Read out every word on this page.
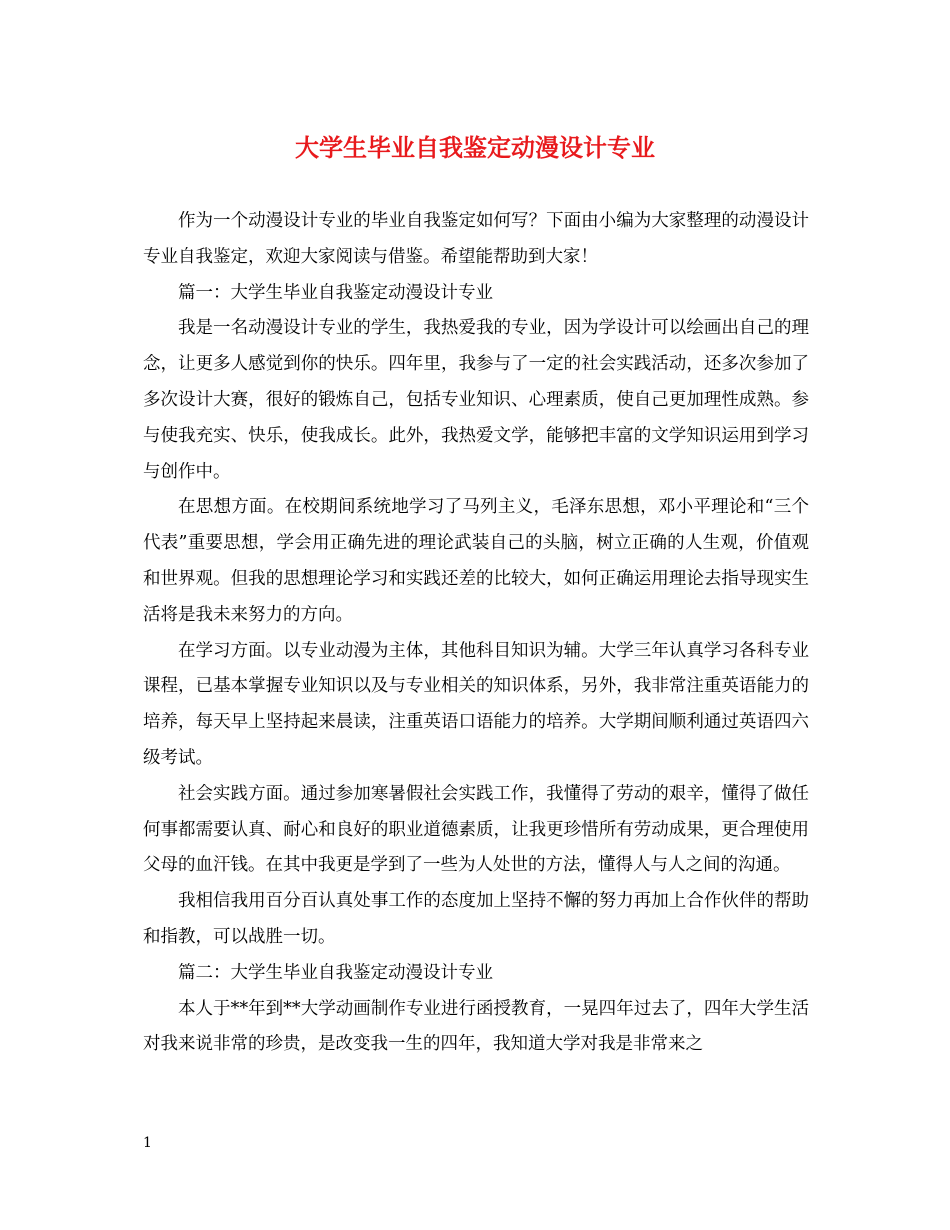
大学生毕业自我鉴定动漫设计专业

作为一个动漫设计专业的毕业自我鉴定如何写？下面由小编为大家整理的动漫设计专业自我鉴定，欢迎大家阅读与借鉴。希望能帮助到大家！

篇一：大学生毕业自我鉴定动漫设计专业

我是一名动漫设计专业的学生，我热爱我的专业，因为学设计可以绘画出自己的理念，让更多人感觉到你的快乐。四年里，我参与了一定的社会实践活动，还多次参加了多次设计大赛，很好的锻炼自己，包括专业知识、心理素质，使自己更加理性成熟。参与使我充实、快乐，使我成长。此外，我热爱文学，能够把丰富的文学知识运用到学习与创作中。

在思想方面。在校期间系统地学习了马列主义，毛泽东思想，邓小平理论和“三个代表”重要思想，学会用正确先进的理论武装自己的头脑，树立正确的人生观，价值观和世界观。但我的思想理论学习和实践还差的比较大，如何正确运用理论去指导现实生活将是我未来努力的方向。

在学习方面。以专业动漫为主体，其他科目知识为辅。大学三年认真学习各科专业课程，已基本掌握专业知识以及与专业相关的知识体系，另外，我非常注重英语能力的培养，每天早上坚持起来晨读，注重英语口语能力的培养。大学期间顺利通过英语四六级考试。

社会实践方面。通过参加寒暑假社会实践工作，我懂得了劳动的艰辛，懂得了做任何事都需要认真、耐心和良好的职业道德素质，让我更珍惜所有劳动成果，更合理使用父母的血汗钱。在其中我更是学到了一些为人处世的方法，懂得人与人之间的沟通。

我相信我用百分百认真处事工作的态度加上坚持不懈的努力再加上合作伙伴的帮助和指教，可以战胜一切。

篇二：大学生毕业自我鉴定动漫设计专业

本人于**年到**大学动画制作专业进行函授教育，一晃四年过去了，四年大学生活对我来说非常的珍贵，是改变我一生的四年，我知道大学对我是非常来之

1
